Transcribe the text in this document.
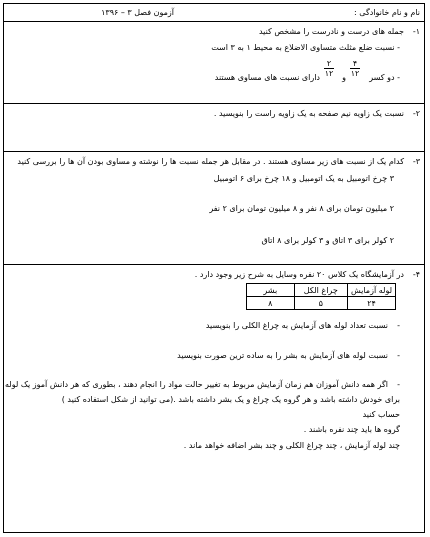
نام و نام خانوادگی :
آزمون فصل ۳ – ۱۳۹۶
۱-
جمله های درست و نادرست را مشخص کنید
- نسبت ضلع مثلث متساوی الاضلاع به محیط ۱ به ۳ است
- دو کسر
۴
۱۲
و
۲
۱۲
دارای نسبت های مساوی هستند
۲-
نسبت یک زاویه نیم صفحه به یک زاویه راست را بنویسید .
۳-
کدام یک از نسبت های زیر مساوی هستند . در مقابل هر جمله نسبت ها را نوشته و مساوی بودن آن ها را بررسی کنید
۳ چرخ اتومبیل به یک اتومبیل و ۱۸ چرخ برای ۶ اتومبیل
۲ میلیون تومان برای ۸ نفر و ۸ میلیون تومان برای ۲ نفر
۲ کولر برای ۳ اتاق و ۳ کولر برای ۸ اتاق
۴-
در آزمایشگاه یک کلاس ۲۰ نفره وسایل به شرح زیر وجود دارد .
لوله آزمایش	چراغ الکل	بشر
۲۴	۵	۸
-
نسبت تعداد لوله های آزمایش به چراغ الکلی را بنویسید
-
نسبت لوله های آزمایش به بشر را به ساده ترین صورت بنویسید
-
اگر همه دانش آموزان هم زمان آزمایش مربوط به تغییر حالت مواد را انجام دهند ، بطوری که هر دانش آموز یک لوله
برای خودش داشته باشد و هر گروه یک چراغ و یک بشر داشته باشد .(می توانید از شکل استفاده کنید )
حساب کنید
گروه ها باید چند نفره باشند .
چند لوله آزمایش ، چند چراغ الکلی و چند بشر اضافه خواهد ماند .
